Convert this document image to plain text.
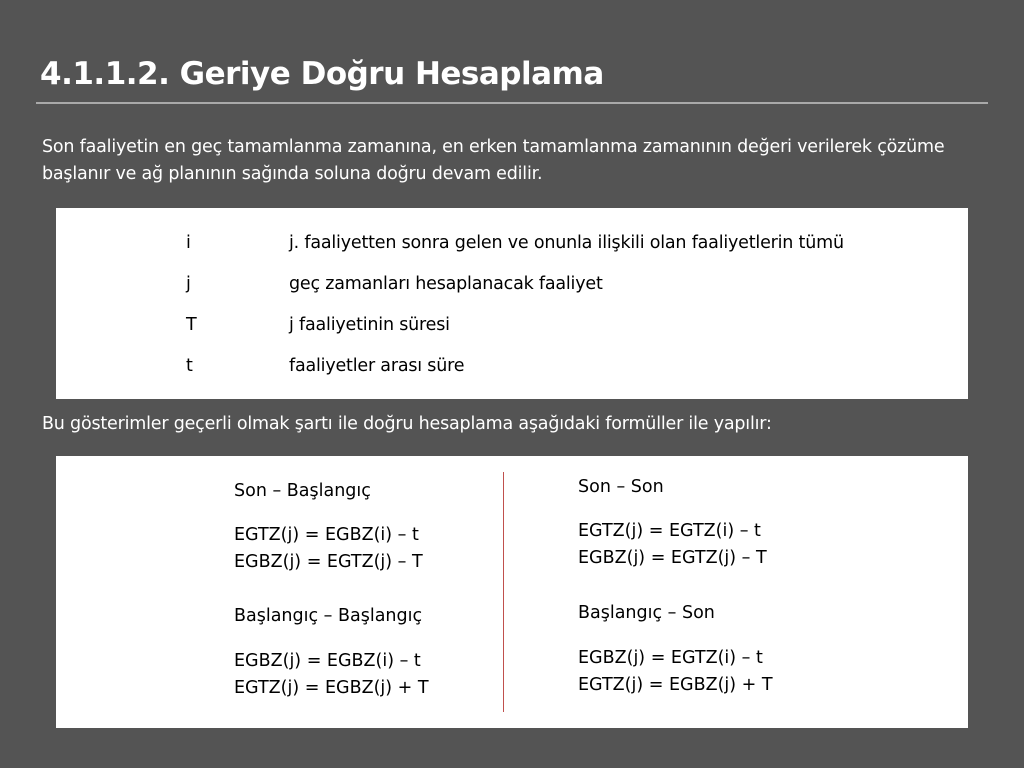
4.1.1.2. Geriye Doğru Hesaplama

Son faaliyetin en geç tamamlanma zamanına, en erken tamamlanma zamanının değeri verilerek çözüme

başlanır ve ağ planının sağında soluna doğru devam edilir.

i	j. faaliyetten sonra gelen ve onunla ilişkili olan faaliyetlerin tümü
j	geç zamanları hesaplanacak faaliyet
T	j faaliyetinin süresi
t	faaliyetler arası süre
Bu gösterimler geçerli olmak şartı ile doğru hesaplama aşağıdaki formüller ile yapılır:
Son – Başlangıç
EGTZ(j) = EGBZ(i) – t
EGBZ(j) = EGTZ(j) – T
Başlangıç – Başlangıç
EGBZ(j) = EGBZ(i) – t
EGTZ(j) = EGBZ(j) + T
Son – Son
EGTZ(j) = EGTZ(i) – t
EGBZ(j) = EGTZ(j) – T
Başlangıç – Son
EGBZ(j) = EGTZ(i) – t
EGTZ(j) = EGBZ(j) + T
